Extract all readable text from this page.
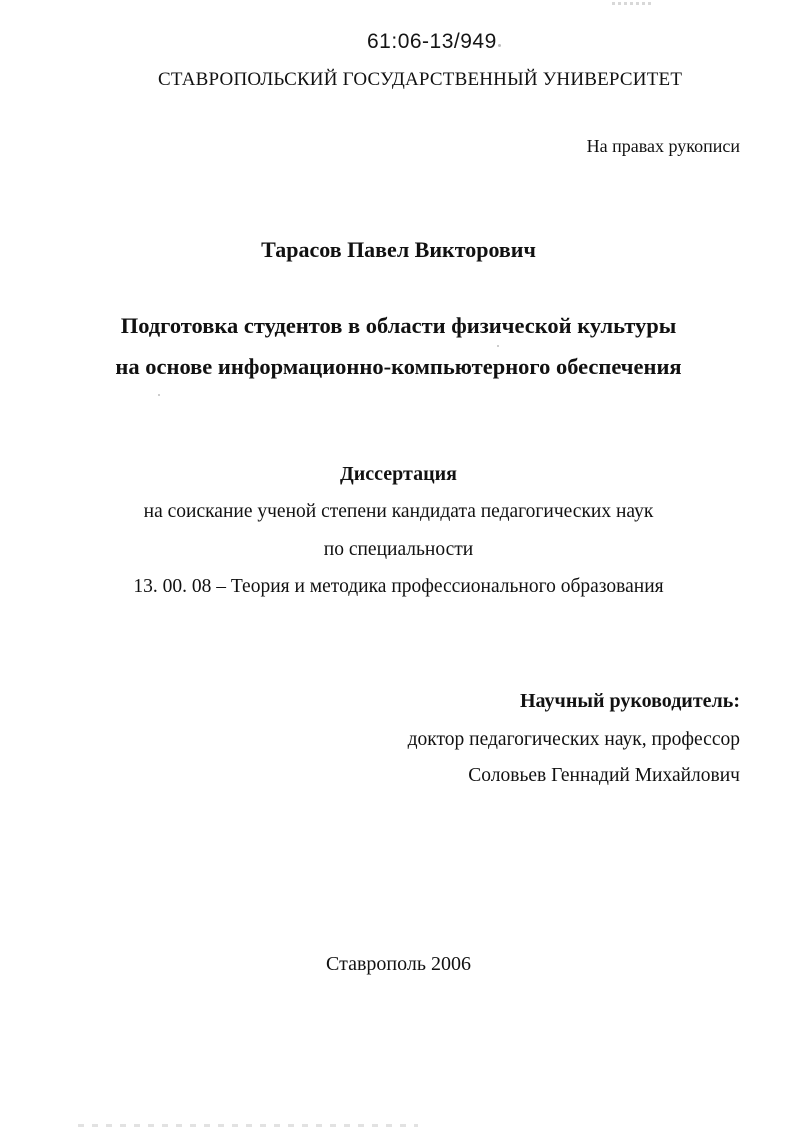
61:06-13/949
СТАВРОПОЛЬСКИЙ ГОСУДАРСТВЕННЫЙ УНИВЕРСИТЕТ
На правах рукописи
Тарасов Павел Викторович
Подготовка студентов в области физической культуры
на основе информационно-компьютерного обеспечения
Диссертация
на соискание ученой степени кандидата педагогических наук
по специальности
13. 00. 08 – Теория и методика профессионального образования
Научный руководитель:
доктор педагогических наук, профессор
Соловьев Геннадий Михайлович
Ставрополь 2006
